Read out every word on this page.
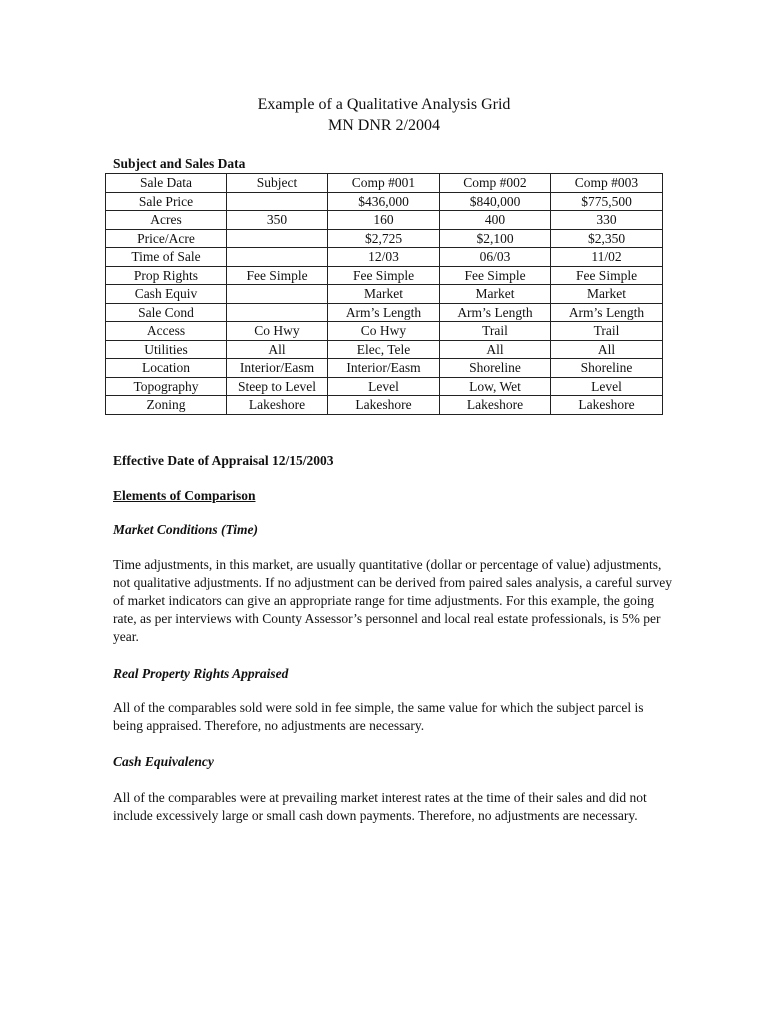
Example of a Qualitative Analysis Grid
MN DNR 2/2004

Subject and Sales Data

Sale Data	Subject	Comp #001	Comp #002	Comp #003
Sale Price		$436,000	$840,000	$775,500
Acres	350	160	400	330
Price/Acre		$2,725	$2,100	$2,350
Time of Sale		12/03	06/03	11/02
Prop Rights	Fee Simple	Fee Simple	Fee Simple	Fee Simple
Cash Equiv		Market	Market	Market
Sale Cond		Arm’s Length	Arm’s Length	Arm’s Length
Access	Co Hwy	Co Hwy	Trail	Trail
Utilities	All	Elec, Tele	All	All
Location	Interior/Easm	Interior/Easm	Shoreline	Shoreline
Topography	Steep to Level	Level	Low, Wet	Level
Zoning	Lakeshore	Lakeshore	Lakeshore	Lakeshore

Effective Date of Appraisal 12/15/2003

Elements of Comparison

Market Conditions (Time)

Time adjustments, in this market, are usually quantitative (dollar or percentage of value) adjustments, not qualitative adjustments. If no adjustment can be derived from paired sales analysis, a careful survey of market indicators can give an appropriate range for time adjustments. For this example, the going rate, as per interviews with County Assessor’s personnel and local real estate professionals, is 5% per year.

Real Property Rights Appraised

All of the comparables sold were sold in fee simple, the same value for which the subject parcel is being appraised. Therefore, no adjustments are necessary.

Cash Equivalency

All of the comparables were at prevailing market interest rates at the time of their sales and did not include excessively large or small cash down payments. Therefore, no adjustments are necessary.
